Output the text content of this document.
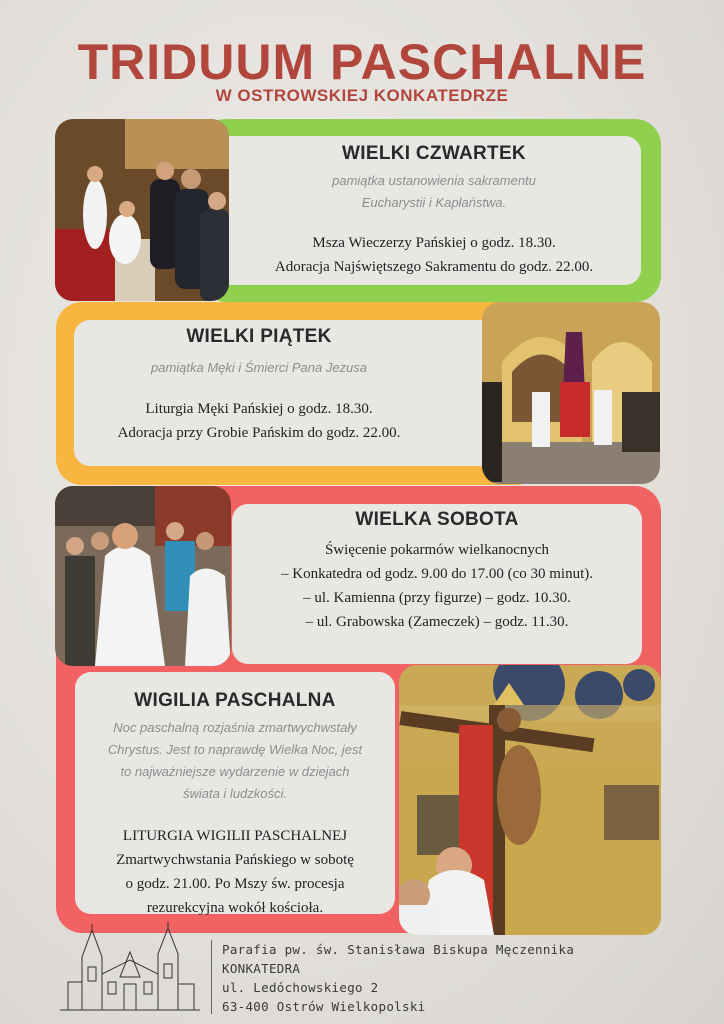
TRIDUUM PASCHALNE
W OSTROWSKIEJ KONKATEDRZE
WIELKI CZWARTEK
pamiątka ustanowienia sakramentu
Eucharystii i Kapłaństwa.
Msza Wieczerzy Pańskiej o godz. 18.30.
Adoracja Najświętszego Sakramentu do godz. 22.00.
WIELKI PIĄTEK
pamiątka Męki i Śmierci Pana Jezusa
Liturgia Męki Pańskiej o godz. 18.30.
Adoracja przy Grobie Pańskim do godz. 22.00.
WIELKA SOBOTA
Święcenie pokarmów wielkanocnych
– Konkatedra od godz. 9.00 do 17.00 (co 30 minut).
– ul. Kamienna (przy figurze) – godz. 10.30.
– ul. Grabowska (Zameczek) – godz. 11.30.
WIGILIA PASCHALNA
Noc paschalną rozjaśnia zmartwychwstały
Chrystus. Jest to naprawdę Wielka Noc, jest
to najważniejsze wydarzenie w dziejach
świata i ludzkości.
LITURGIA WIGILII PASCHALNEJ
Zmartwychwstania Pańskiego w sobotę
o godz. 21.00. Po Mszy św. procesja
rezurekcyjna wokół kościoła.
Parafia pw. św. Stanisława Biskupa Męczennika
KONKATEDRA
ul. Ledóchowskiego 2
63-400 Ostrów Wielkopolski
